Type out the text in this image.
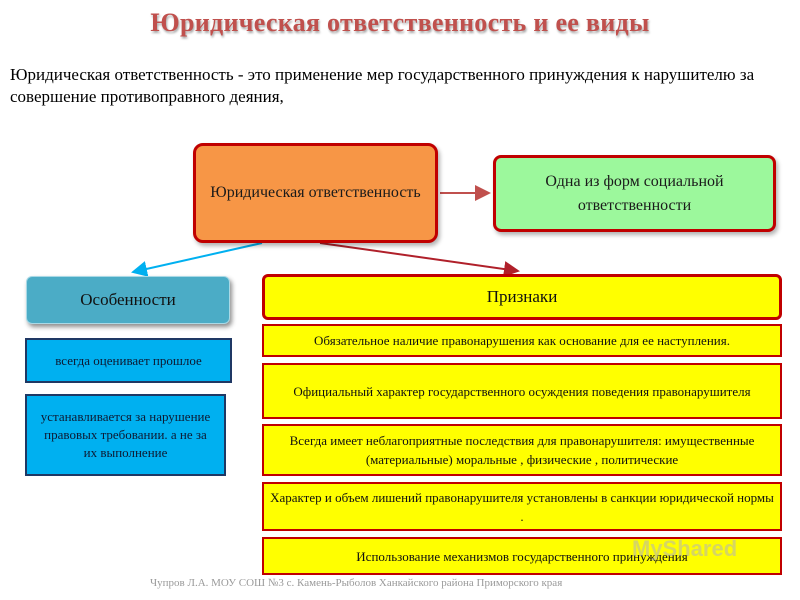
Юридическая ответственность и ее виды
Юридическая ответственность - это применение мер государственного принуждения к нарушителю за совершение противоправного деяния,
Юридическая ответственность
Одна из форм социальной ответственности
Особенности	Признаки
всегда оценивает прошлое
устанавливается за нарушение правовых требовании. а не за их выполнение
Обязательное наличие правонарушения как основание для ее наступления.
Официальный характер государственного осуждения поведения правонарушителя
Всегда имеет неблагоприятные последствия для правонарушителя: имущественные (материальные) моральные , физические , политические
Характер и объем лишений правонарушителя установлены в санкции юридической нормы .
Использование механизмов государственного принуждения
MyShared
Чупров Л.А. МОУ СОШ №3 с. Камень-Рыболов Ханкайского района Приморского края
